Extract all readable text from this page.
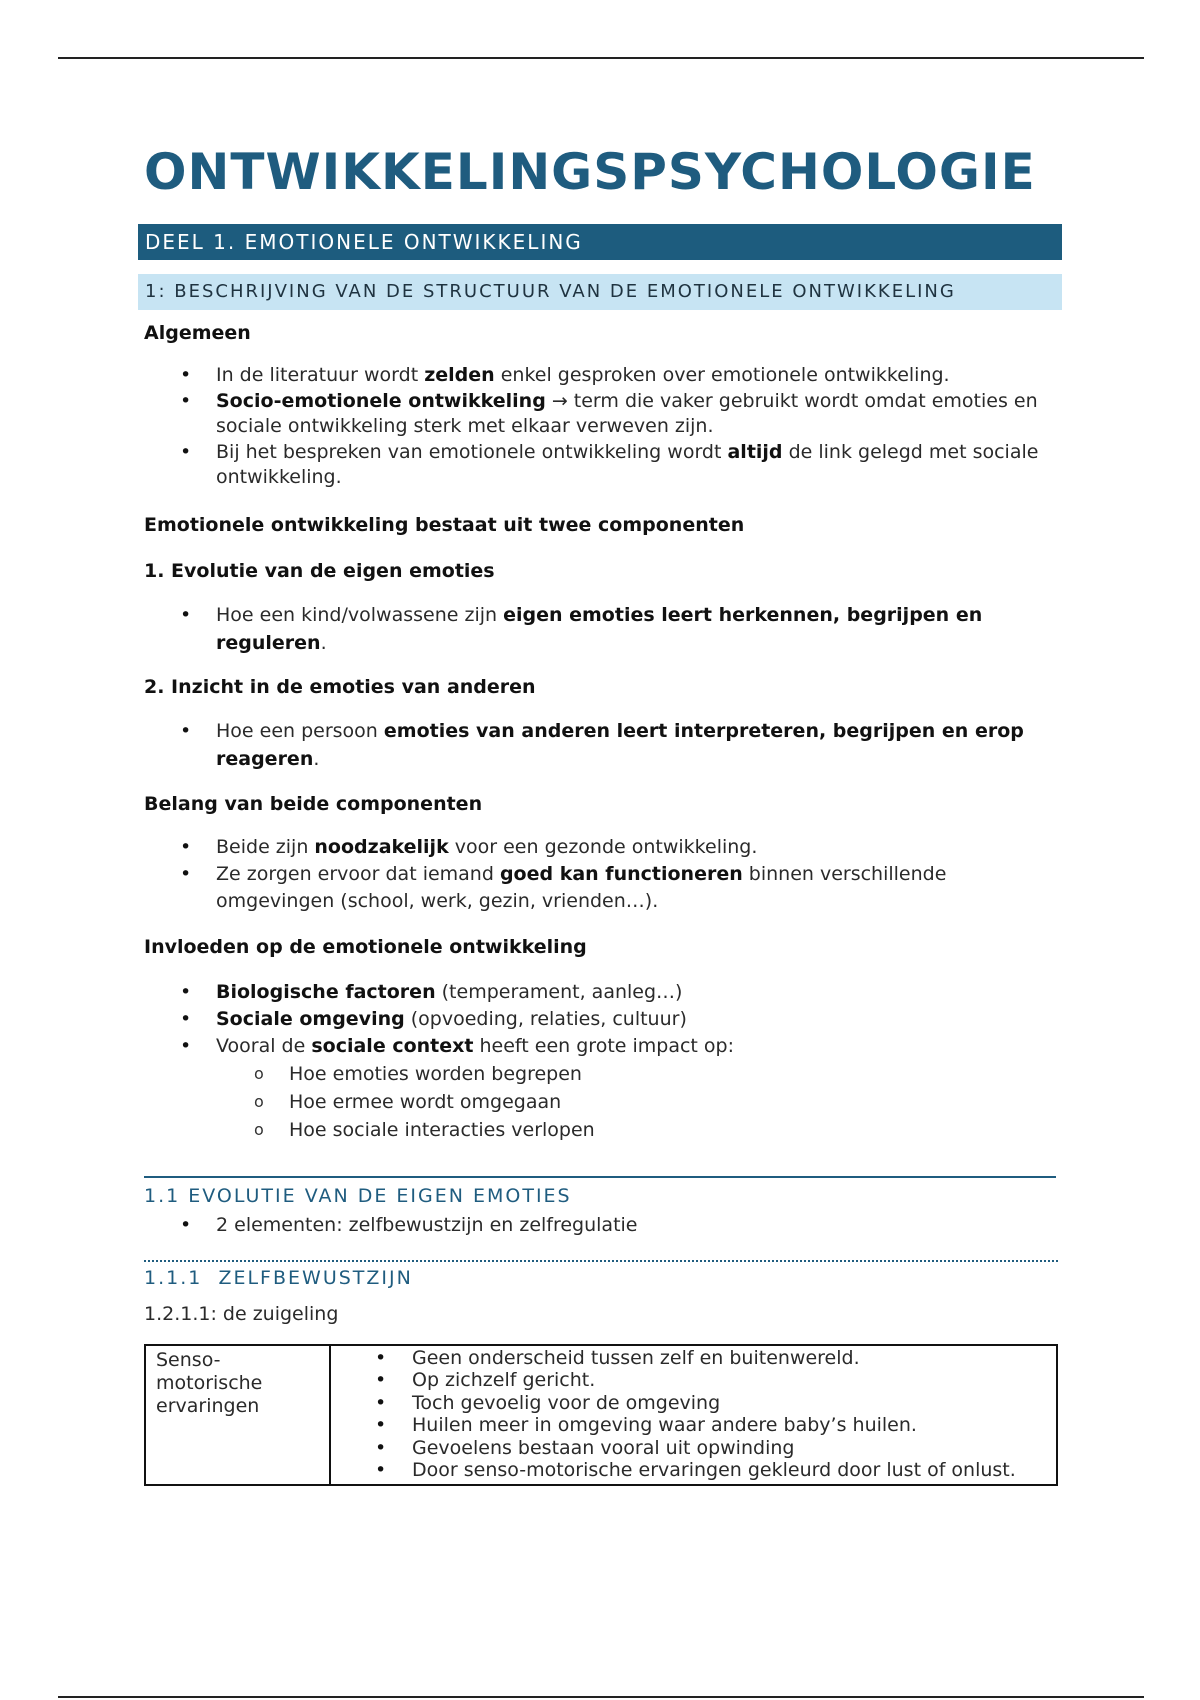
ONTWIKKELINGSPSYCHOLOGIE
DEEL 1. EMOTIONELE ONTWIKKELING
1: BESCHRIJVING VAN DE STRUCTUUR VAN DE EMOTIONELE ONTWIKKELING
Algemeen
• In de literatuur wordt zelden enkel gesproken over emotionele ontwikkeling.
• Socio-emotionele ontwikkeling → term die vaker gebruikt wordt omdat emoties en sociale ontwikkeling sterk met elkaar verweven zijn.
• Bij het bespreken van emotionele ontwikkeling wordt altijd de link gelegd met sociale ontwikkeling.
Emotionele ontwikkeling bestaat uit twee componenten
1. Evolutie van de eigen emoties
• Hoe een kind/volwassene zijn eigen emoties leert herkennen, begrijpen en reguleren.
2. Inzicht in de emoties van anderen
• Hoe een persoon emoties van anderen leert interpreteren, begrijpen en erop reageren.
Belang van beide componenten
• Beide zijn noodzakelijk voor een gezonde ontwikkeling.
• Ze zorgen ervoor dat iemand goed kan functioneren binnen verschillende omgevingen (school, werk, gezin, vrienden…).
Invloeden op de emotionele ontwikkeling
• Biologische factoren (temperament, aanleg…)
• Sociale omgeving (opvoeding, relaties, cultuur)
• Vooral de sociale context heeft een grote impact op:
o Hoe emoties worden begrepen
o Hoe ermee wordt omgegaan
o Hoe sociale interacties verlopen
1.1 EVOLUTIE VAN DE EIGEN EMOTIES
• 2 elementen: zelfbewustzijn en zelfregulatie
1.1.1 ZELFBEWUSTZIJN
1.2.1.1: de zuigeling
Senso-motorische ervaringen	
• Geen onderscheid tussen zelf en buitenwereld.
• Op zichzelf gericht.
• Toch gevoelig voor de omgeving
• Huilen meer in omgeving waar andere baby’s huilen.
• Gevoelens bestaan vooral uit opwinding
• Door senso-motorische ervaringen gekleurd door lust of onlust.
